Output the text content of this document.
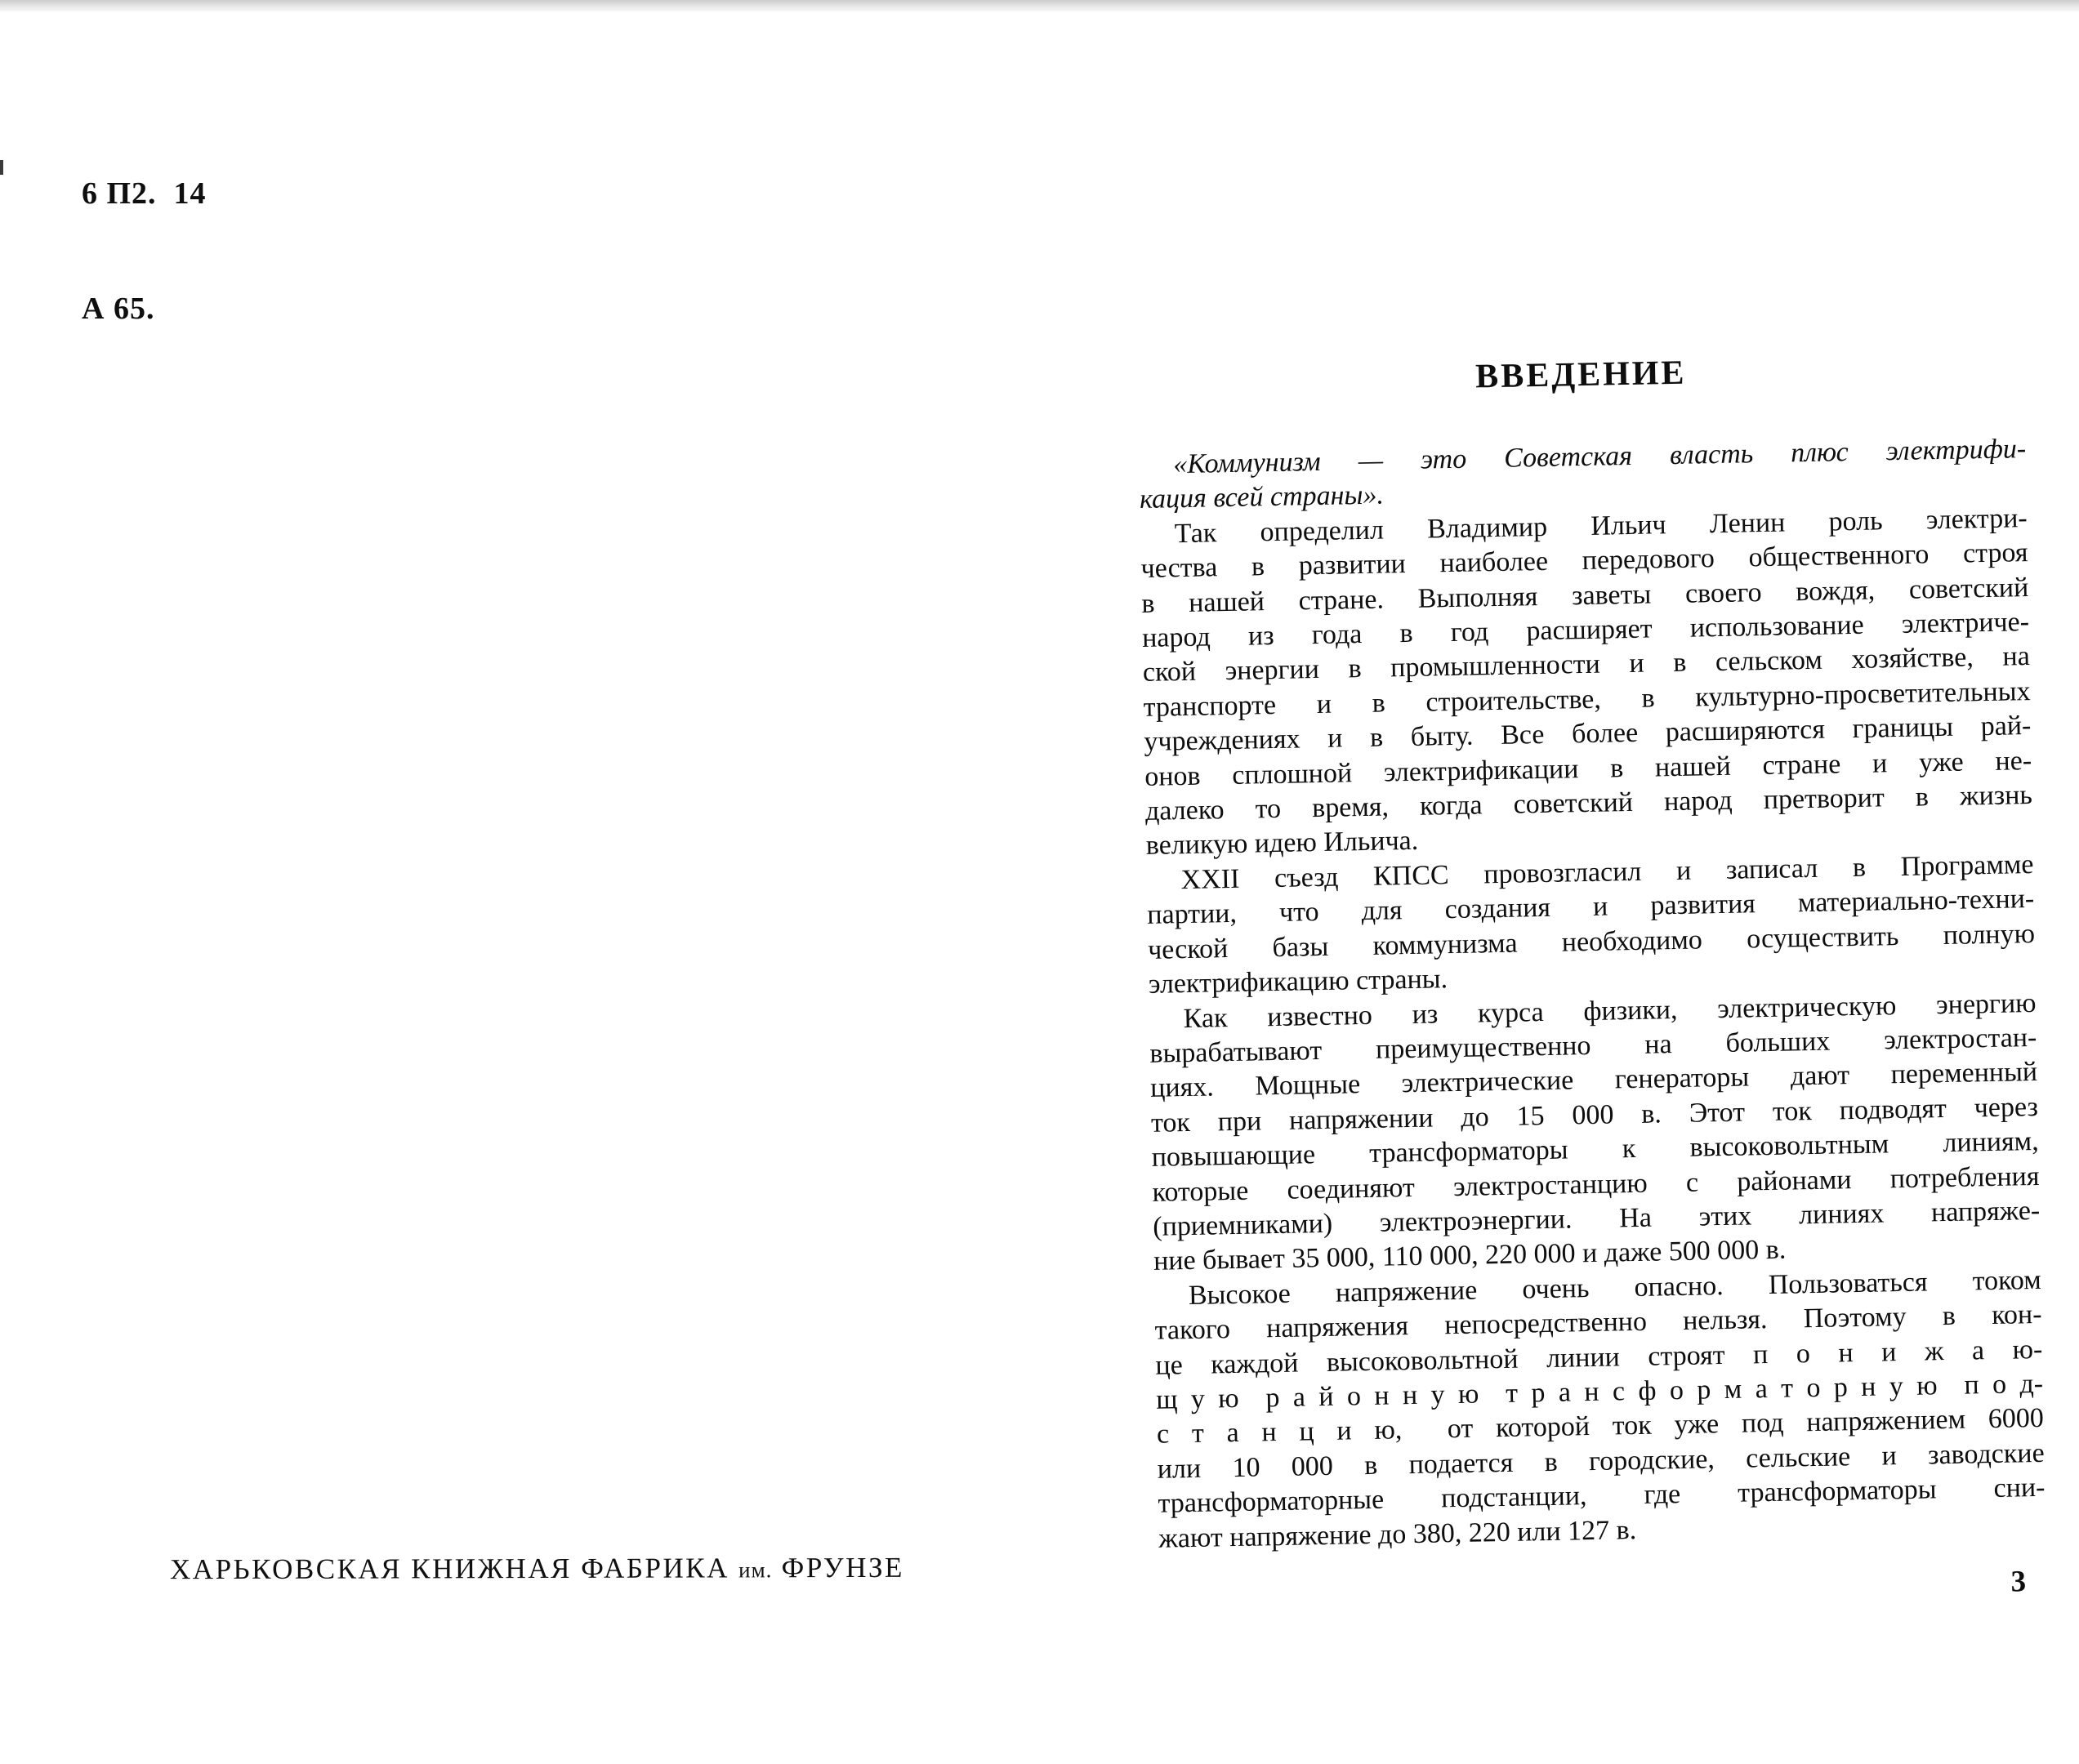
6 П2.  14

А 65.

ХАРЬКОВСКАЯ КНИЖНАЯ ФАБРИКА им. ФРУНЗЕ
ВВЕДЕНИЕ
«Коммунизм — это Советская власть плюс электрифи-
кация всей страны».
Так определил Владимир Ильич Ленин роль электри-
чества в развитии наиболее передового общественного строя
в нашей стране. Выполняя заветы своего вождя, советский
народ из года в год расширяет использование электриче-
ской энергии в промышленности и в сельском хозяйстве, на
транспорте и в строительстве, в культурно-просветительных
учреждениях и в быту. Все более расширяются границы рай-
онов сплошной электрификации в нашей стране и уже не-
далеко то время, когда советский народ претворит в жизнь
великую идею Ильича.
XXII съезд КПСС провозгласил и записал в Программе
партии, что для создания и развития материально-техни-
ческой базы коммунизма необходимо осуществить полную
электрификацию страны.
Как известно из курса физики, электрическую энергию
вырабатывают преимущественно на больших электростан-
циях. Мощные электрические генераторы дают переменный
ток при напряжении до 15 000 в. Этот ток подводят через
повышающие трансформаторы к высоковольтным линиям,
которые соединяют электростанцию с районами потребления
(приемниками) электроэнергии. На этих линиях напряже-
ние бывает 35 000, 110 000, 220 000 и даже 500 000 в.
Высокое напряжение очень опасно. Пользоваться током
такого напряжения непосредственно нельзя. Поэтому в кон-
це каждой высоковольтной линии строят п о н и ж а ю-
щ у ю  р а й о н н у ю  т р а н с ф о р м а т о р н у ю  п о д-
с т а н ц и ю,  от которой ток уже под напряжением 6000
или 10 000 в подается в городские, сельские и заводские
трансформаторные подстанции, где трансформаторы сни-
жают напряжение до 380, 220 или 127 в.
3
